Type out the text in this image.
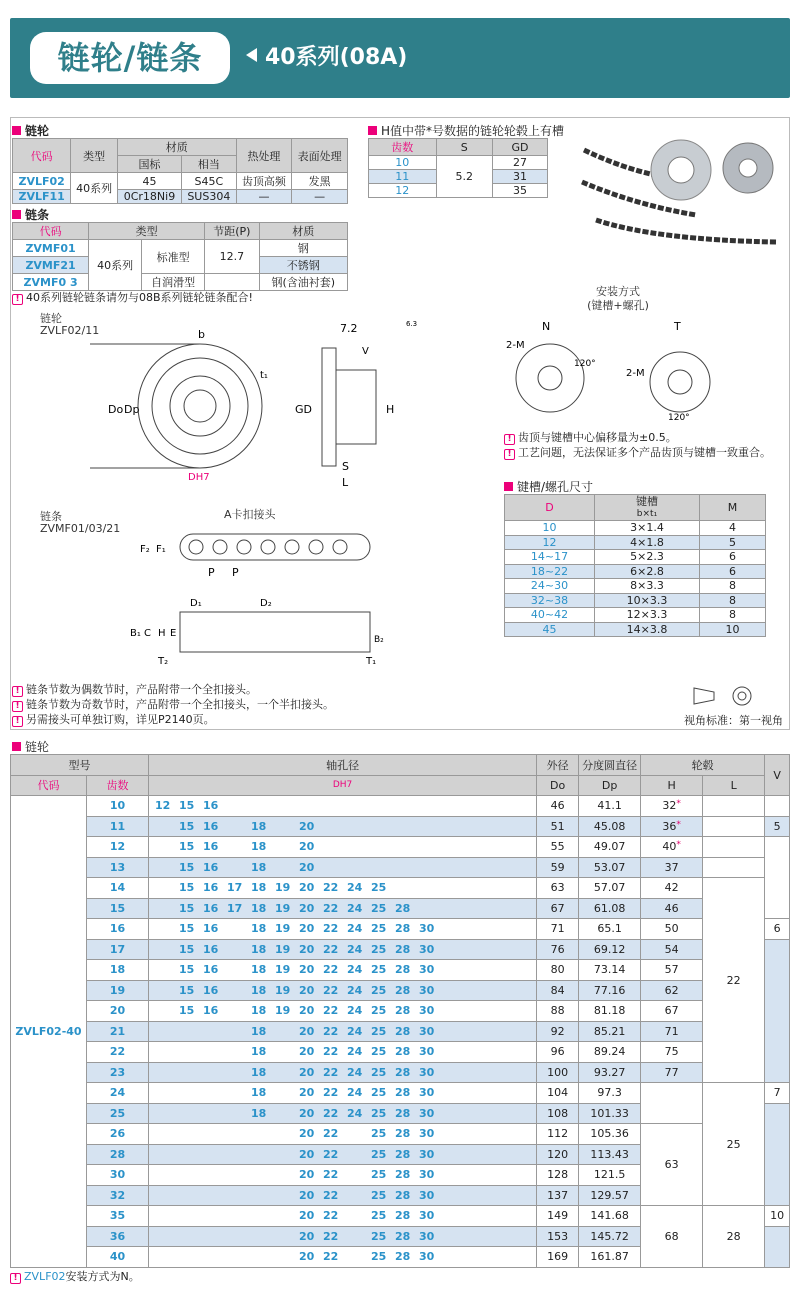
链轮/链条	40系列(08A)
链轮
代码	类型	材质		热处理	表面处理
		国标	相当		
ZVLF02	40系列	45	S45C	齿顶高频	发黑
ZVLF11		0Cr18Ni9	SUS304	—	—
链条
代码	类型		节距(P)	材质
ZVMF01	40系列	标准型	12.7	钢
ZVMF21				不锈钢
ZVMF0 3		自润滑型		钢(含油衬套)
! 40系列链轮链条请勿与08B系列链轮链条配合!
H值中带*号数据的链轮轮毂上有槽
齿数	S	GD
10	5.2	27
11		31
12		35
链轮
ZVLF02/11
Do Dp
b
t₁
DH7
7.2
V
GD	H
S
L
6.3
链条
ZVMF01/03/21
A卡扣接头
F₂ F₁
P P
D₁	D₂
B₁ C H E
T₂	T₁
B₂
! 链条节数为偶数节时，产品附带一个全扣接头。
! 链条节数为奇数节时，产品附带一个全扣接头，一个半扣接头。
! 另需接头可单独订购，详见P2140页。
安装方式
(键槽+螺孔)
N	T
2-M
2-M
120°
120°
! 齿顶与键槽中心偏移量为±0.5。
! 工艺问题，无法保证多个产品齿顶与键槽一致重合。
键槽/螺孔尺寸
D	键槽
b×t₁	M
10	3×1.4	4
12	4×1.8	5
14~17	5×2.3	6
18~22	6×2.8	6
24~30	8×3.3	8
32~38	10×3.3	8
40~42	12×3.3	8
45	14×3.8	10
视角标准：第一视角
链轮
型号		轴孔径	外径	分度圆直径	轮毂		V
代码	齿数	DH7	Do	Dp	H	L	
ZVLF02-40	10	12 15 16	46	41.1	32*		
	11	15 16 18 20	51	45.08	36*		5
	12	15 16 18 20	55	49.07	40*		
	13	15 16 18 20	59	53.07	37		
	14	15 16 17 18 19 20 22 24 25	63	57.07	42	22	
	15	15 16 17 18 19 20 22 24 25 28	67	61.08	46		
	16	15 16 18 19 20 22 24 25 28 30	71	65.1	50		6
	17	15 16 18 19 20 22 24 25 28 30	76	69.12	54		
	18	15 16 18 19 20 22 24 25 28 30	80	73.14	57		
	19	15 16 18 19 20 22 24 25 28 30	84	77.16	62		
	20	15 16 18 19 20 22 24 25 28 30	88	81.18	67		
	21	18 20 22 24 25 28 30	92	85.21	71		
	22	18 20 22 24 25 28 30	96	89.24	75		
	23	18 20 22 24 25 28 30	100	93.27	77		
	24	18 20 22 24 25 28 30	104	97.3		25	7
	25	18 20 22 24 25 28 30	108	101.33			
	26	20 22 25 28 30	112	105.36	63		
	28	20 22 25 28 30	120	113.43			
	30	20 22 25 28 30	128	121.5			
	32	20 22 25 28 30	137	129.57			
	35	20 22 25 28 30	149	141.68	68	28	10
	36	20 22 25 28 30	153	145.72			
	40	20 22 25 28 30	169	161.87			
! ZVLF02安装方式为N。
